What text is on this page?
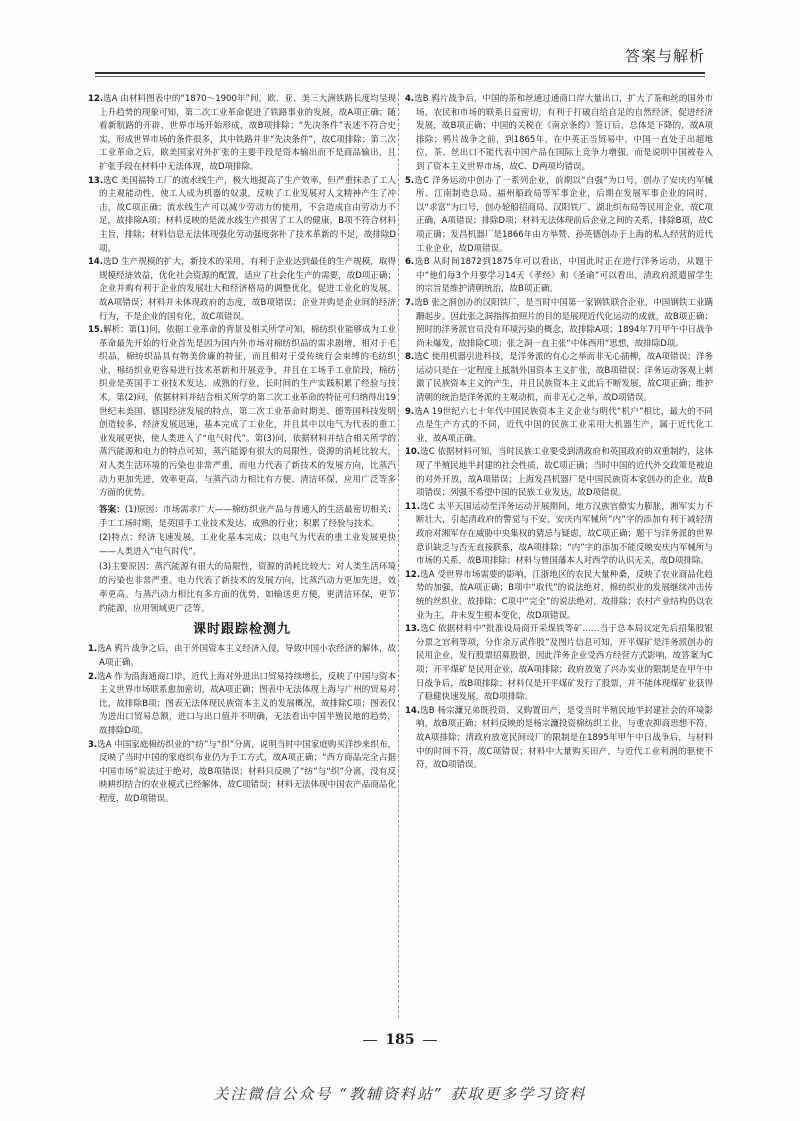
答案与解析

12.选A 由材料图表中的“1870～1900年”间，欧、亚、美三大洲铁路长度均呈现上升趋势的现象可知，第二次工业革命促进了铁路事业的发展，故A项正确；随着新航路的开辟，世界市场开始形成，故B项排除；“先决条件”表述不符合史实，形成世界市场的条件很多，其中铁路并非“先决条件”，故C项排除；第二次工业革命之后，欧美国家对外扩张的主要手段是资本输出而不是商品输出，且扩张手段在材料中无法体现，故D项排除。

13.选C 美国福特工厂的流水线生产，极大地提高了生产效率，但严重抹杀了工人的主观能动性，使工人成为机器的奴隶，反映了工业发展对人文精神产生了冲击，故C项正确；流水线生产可以减少劳动力的使用，不会造成自由劳动力不足，故排除A项；材料反映的是流水线生产损害了工人的健康，B项不符合材料主旨，排除；材料信息无法体现强化劳动强度弥补了技术革新的不足，故排除D项。

14.选D 生产规模的扩大，新技术的采用，有利于企业达到最佳的生产规模，取得规模经济效益，优化社会资源的配置，适应了社会化生产的需要，故D项正确；企业并购有利于企业的发展壮大和经济格局的调整优化，促进工业化的发展，故A项错误；材料并未体现政府的态度，故B项错误；企业并购是企业间的经济行为，不是企业的国有化，故C项错误。

15.解析：第(1)问，依据工业革命的背景及相关所学可知，棉纺织业能够成为工业革命最先开始的行业首先是因为国内外市场对棉纺织品的需求剧增，相对于毛织品，棉纺织品具有物美价廉的特征，而且相对于受传统行会束缚的毛纺织业，棉纺织业更容易进行技术革新和开展竞争，并且在工场手工业阶段，棉纺织业是英国手工业技术发达、成熟的行业，长时间的生产实践积累了经验与技术。第(2)问，依据材料并结合相关所学的第二次工业革命的特征可归纳得出19世纪末美国、德国经济发展的特点，第二次工业革命时期美、德等国科技发明创造较多，经济发展迅速，基本完成了工业化，并且其中以电气为代表的重工业发展更快，使人类进入了“电气时代”。第(3)问，依据材料并结合相关所学的蒸汽能源和电力的特点可知，蒸汽能源有很大的局限性，资源的消耗比较大，对人类生活环境的污染也非常严重，而电力代表了新技术的发展方向，比蒸汽动力更加先进，效率更高，与蒸汽动力相比有方便、清洁环保，应用广泛等多方面的优势。

答案：(1)原因：市场需求广大——棉纺织业产品与普通人的生活最密切相关；手工工场时期，是英国手工业技术发达、成熟的行业；积累了经验与技术。
(2)特点：经济飞速发展，工业化基本完成；以电气为代表的重工业发展更快——人类进入“电气时代”。
(3)主要原因：蒸汽能源有很大的局限性，资源的消耗比较大；对人类生活环境的污染也非常严重。电力代表了新技术的发展方向，比蒸汽动力更加先进，效率更高。与蒸汽动力相比有多方面的优势，如输送更方便，更清洁环保，更节约能源，应用领域更广泛等。
课时跟踪检测九

1.选A 鸦片战争之后，由于外国资本主义经济入侵，导致中国小农经济的解体，故A项正确。

2.选A 作为沿海通商口岸，近代上海对外进出口贸易持续增长，反映了中国与资本主义世界市场联系愈加密切，故A项正确；图表中无法体现上海与广州的贸易对比，故排除B项；图表无法体现民族资本主义的发展概况，故排除C项；图表仅为进出口贸易总额，进口与出口值并不明确，无法看出中国半殖民地的趋势，故排除D项。

3.选A 中国家庭棉纺织业的“纺”与“织”分离，说明当时中国家庭购买洋纱来织布，反映了当时中国的家庭织布业仍为手工方式，故A项正确；“西方商品完全占据中国市场”说法过于绝对，故B项错误；材料只反映了“纺”与“织”分离，没有反映耕织结合的农业模式已经解体，故C项错误；材料无法体现中国农产品商品化程度，故D项错误。

4.选B 鸦片战争后，中国的茶和丝通过通商口岸大量出口，扩大了茶和丝的国外市场，农民和市场的联系日益密切，有利于打破自给自足的自然经济，促进经济发展，故B项正确；中国的关税在《南京条约》签订后，总体是下降的，故A项排除；鸦片战争之前，到1865年，在中英正当贸易中，中国一直处于出超地位，茶、丝出口不能代表中国产品在国际上竞争力增强，而是说明中国被卷入到了资本主义世界市场，故C、D两项均错误。

5.选C 洋务运动中创办了一系列企业，前期以“自强”为口号，创办了安庆内军械所、江南制造总局、福州船政局等军事企业，后期在发展军事企业的同时，以“求富”为口号，创办轮船招商局、汉阳铁厂、湖北织布局等民用企业，故C项正确，A项错误；排除D项；材料无法体现前后企业之间的关系，排除B项，故C项正确；发昌机器厂是1866年由方举赞、孙英德创办于上海的私人经营的近代工业企业，故D项错误。

6.选B 从时间1872到1875年可以看出，中国此时正在进行洋务运动，从题干中“他们每3个月要学习14天《孝经》和《圣谕”可以看出，清政府派遣留学生的宗旨是维护清朝统治，故B项正确。

7.选B 张之洞创办的汉阳铁厂，是当时中国第一家钢铁联合企业，中国钢铁工业蹒跚起步。因此张之洞指挥拍照片的目的是展现近代化运动的成就，故B项正确；照时的洋务派官员没有环境污染的概念，故排除A项；1894年7月甲午中日战争尚未爆发，故排除C项；张之洞一直主张“中体西用”思想，故排除D项。

8.选C 使用机器引进科技，是洋务派的有心之举而非无心插柳，故A项错误；洋务运动只是在一定程度上抵制外国资本主义扩张，故B项错误；洋务运动客观上刺激了民族资本主义的产生，并且民族资本主义此后不断发展，故C项正确；维护清朝的统治是洋务派的主观动机，而非无心之举，故D项错误。

9.选A 19世纪六七十年代中国民族资本主义企业与明代“机户”相比，最大的不同点是生产方式的不同，近代中国的民族工业采用大机器生产，属于近代化工业，故A项正确。

10.选C 依据材料可知，当时民族工业要受到清政府和英国政府的双重制约，这体现了半殖民地半封建的社会性质，故C项正确；当时中国的近代外交政策是被迫的对外开放，故A项错误；上海发昌机器厂是中国民族资本家创办的企业，故B项错误；列强不希望中国的民族工业发达，故D项错误。

11.选C 太平天国运动至洋务运动开展期间，地方汉族官僚实力膨胀，湘军实力不断壮大，引起清政府的警觉与不安，安庆内军械所“内”字的添加有利于减轻清政府对湘军存在威胁中央集权的猜忌与疑虑，故C项正确；题干与洋务派的世界意识缺乏与否无直接联系，故A项排除；“内”字的添加不能反映安庆内军械所与市场的关系，故B项排除；材料与曾国藩本人对西学的认识无关，故D项排除。

12.选A 受世界市场需要的影响，江浙地区的农民大量种桑，反映了农业商品化趋势的加强，故A项正确；B项中“取代”的说法绝对，棉纺织业的发展继续冲击传统的丝织业，故排除；C项中“完全”的说法绝对，故排除；农村产业结构仍以农业为主，并未发生根本变化，故D项错误。

13.选C 依据材料中“批准设局商开采煤铁等矿……当于总本局议定先后招集股银分票之官利等项，分作余万武作股”及图片信息可知，开平煤矿是洋务派创办的民用企业，发行股票招募股银，因此洋务企业受西方经营方式影响，故答案为C项；开平煤矿是民用企业，故A项排除；政府放宽了兴办实业的限制是在甲午中日战争后，故B项排除；材料仅是开平煤矿发行了股票，并不能体现煤矿业获得了稳健快速发展，故D项排除。

14.选B 杨宗濂兄弟既投资，又购置田产，是受当时半殖民地半封建社会的环境影响，故B项正确；材料反映的是杨宗濂投资棉纺织工业，与重农抑商思想不符，故A项排除；清政府放宽民间设厂的限制是在1895年甲午中日战争后，与材料中的时间不符，故C项错误；材料中大量购买田产，与近代工业利润的驱使不符，故D项错误。

185
关注微信公众号 “教辅资料站” 获取更多学习资料
